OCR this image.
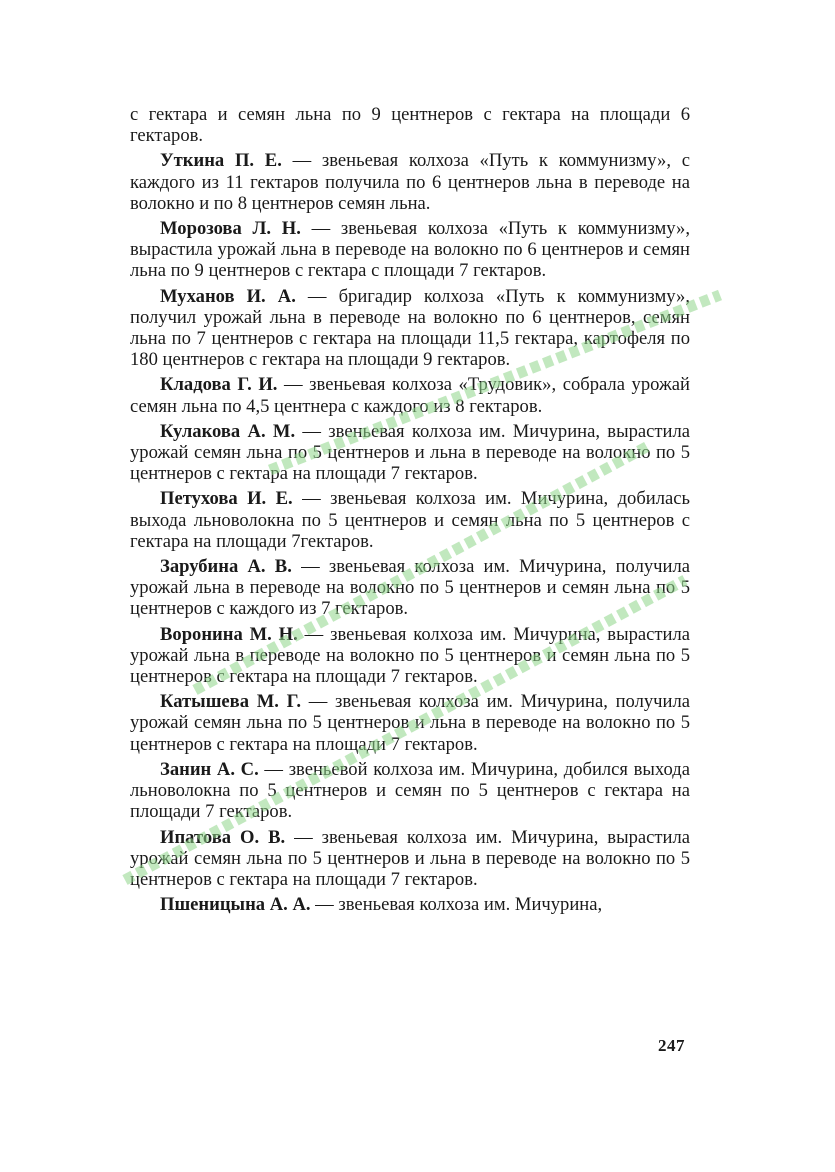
с гектара и семян льна по 9 центнеров с гектара на площади 6 гектаров.

Уткина П. Е. — звеньевая колхоза «Путь к коммунизму», с каждого из 11 гектаров получила по 6 центнеров льна в переводе на волокно и по 8 центнеров семян льна.

Морозова Л. Н. — звеньевая колхоза «Путь к коммунизму», вырастила урожай льна в переводе на волокно по 6 центнеров и семян льна по 9 центнеров с гектара с площади 7 гектаров.

Муханов И. А. — бригадир колхоза «Путь к коммунизму», получил урожай льна в переводе на волокно по 6 центнеров, семян льна по 7 центнеров с гектара на площади 11,5 гектара, картофеля по 180 центнеров с гектара на площади 9 гектаров.

Кладова Г. И. — звеньевая колхоза «Трудовик», собрала урожай семян льна по 4,5 центнера с каждого из 8 гектаров.

Кулакова А. М. — звеньевая колхоза им. Мичурина, вырастила урожай семян льна по 5 центнеров и льна в переводе на волокно по 5 центнеров с гектара на площади 7 гектаров.

Петухова И. Е. — звеньевая колхоза им. Мичурина, добилась выхода льноволокна по 5 центнеров и семян льна по 5 центнеров с гектара на площади 7гектаров.

Зарубина А. В. — звеньевая колхоза им. Мичурина, получила урожай льна в переводе на волокно по 5 центнеров и семян льна по 5 центнеров с каждого из 7 гектаров.

Воронина М. Н. — звеньевая колхоза им. Мичурина, вырастила урожай льна в переводе на волокно по 5 центнеров и семян льна по 5 центнеров с гектара на площади 7 гектаров.

Катышева М. Г. — звеньевая колхоза им. Мичурина, получила урожай семян льна по 5 центнеров и льна в переводе на волокно по 5 центнеров с гектара на площади 7 гектаров.

Занин А. С. — звеньевой колхоза им. Мичурина, добился выхода льноволокна по 5 центнеров и семян по 5 центнеров с гектара на площади 7 гектаров.

Ипатова О. В. — звеньевая колхоза им. Мичурина, вырастила урожай семян льна по 5 центнеров и льна в переводе на волокно по 5 центнеров с гектара на площади 7 гектаров.

Пшеницына А. А. — звеньевая колхоза им. Мичурина,

247
